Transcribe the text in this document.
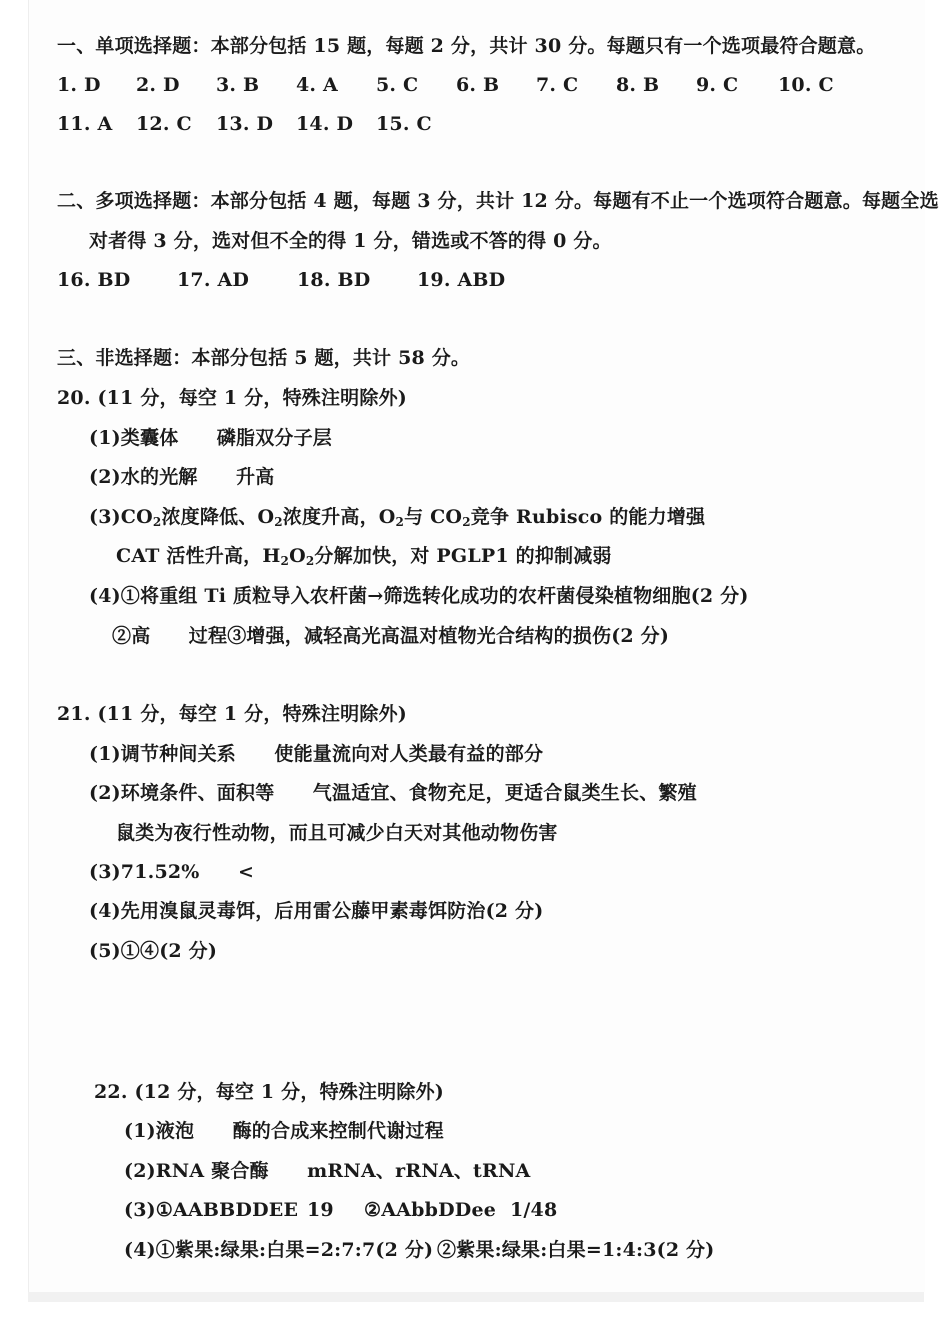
一、单项选择题：本部分包括 15 题，每题 2 分，共计 30 分。每题只有一个选项最符合题意。
1. D 2. D 3. B 4. A 5. C 6. B 7. C 8. B 9. C 10. C
11. A 12. C 13. D 14. D 15. C
二、多项选择题：本部分包括 4 题，每题 3 分，共计 12 分。每题有不止一个选项符合题意。每题全选
对者得 3 分，选对但不全的得 1 分，错选或不答的得 0 分。
16. BD 17. AD	18. BD 19. ABD
三、非选择题：本部分包括 5 题，共计 58 分。
20. (11 分，每空 1 分，特殊注明除外)
(1)类囊体　　磷脂双分子层
(2)水的光解　　升高
$(3)CO_2$浓度降低、$O_2$浓度升高，$O_2$与 $CO_2$竞争 Rubisco 的能力增强
CAT 活性升高，$H_2O_2$分解加快，对 PGLP1 的抑制减弱
(4)①将重组 Ti 质粒导入农杆菌→筛选转化成功的农杆菌侵染植物细胞(2 分)
②高　　过程③增强，减轻高光高温对植物光合结构的损伤(2 分)
21. (11 分，每空 1 分，特殊注明除外)
(1)调节种间关系　　使能量流向对人类最有益的部分
(2)环境条件、面积等　　气温适宜、食物充足，更适合鼠类生长、繁殖
鼠类为夜行性动物，而且可减少白天对其他动物伤害
(3)71.52%　　<
(4)先用溴鼠灵毒饵，后用雷公藤甲素毒饵防治(2 分)
(5)①④(2 分)
22. (12 分，每空 1 分，特殊注明除外)
(1)液泡　　酶的合成来控制代谢过程
(2)RNA 聚合酶　　mRNA、rRNA、tRNA
(3)①AABBDDEE 19 ②AAbbDDee 1/48
(4)①紫果:绿果:白果=2:7:7(2 分) ②紫果:绿果:白果=1:4:3(2 分)
